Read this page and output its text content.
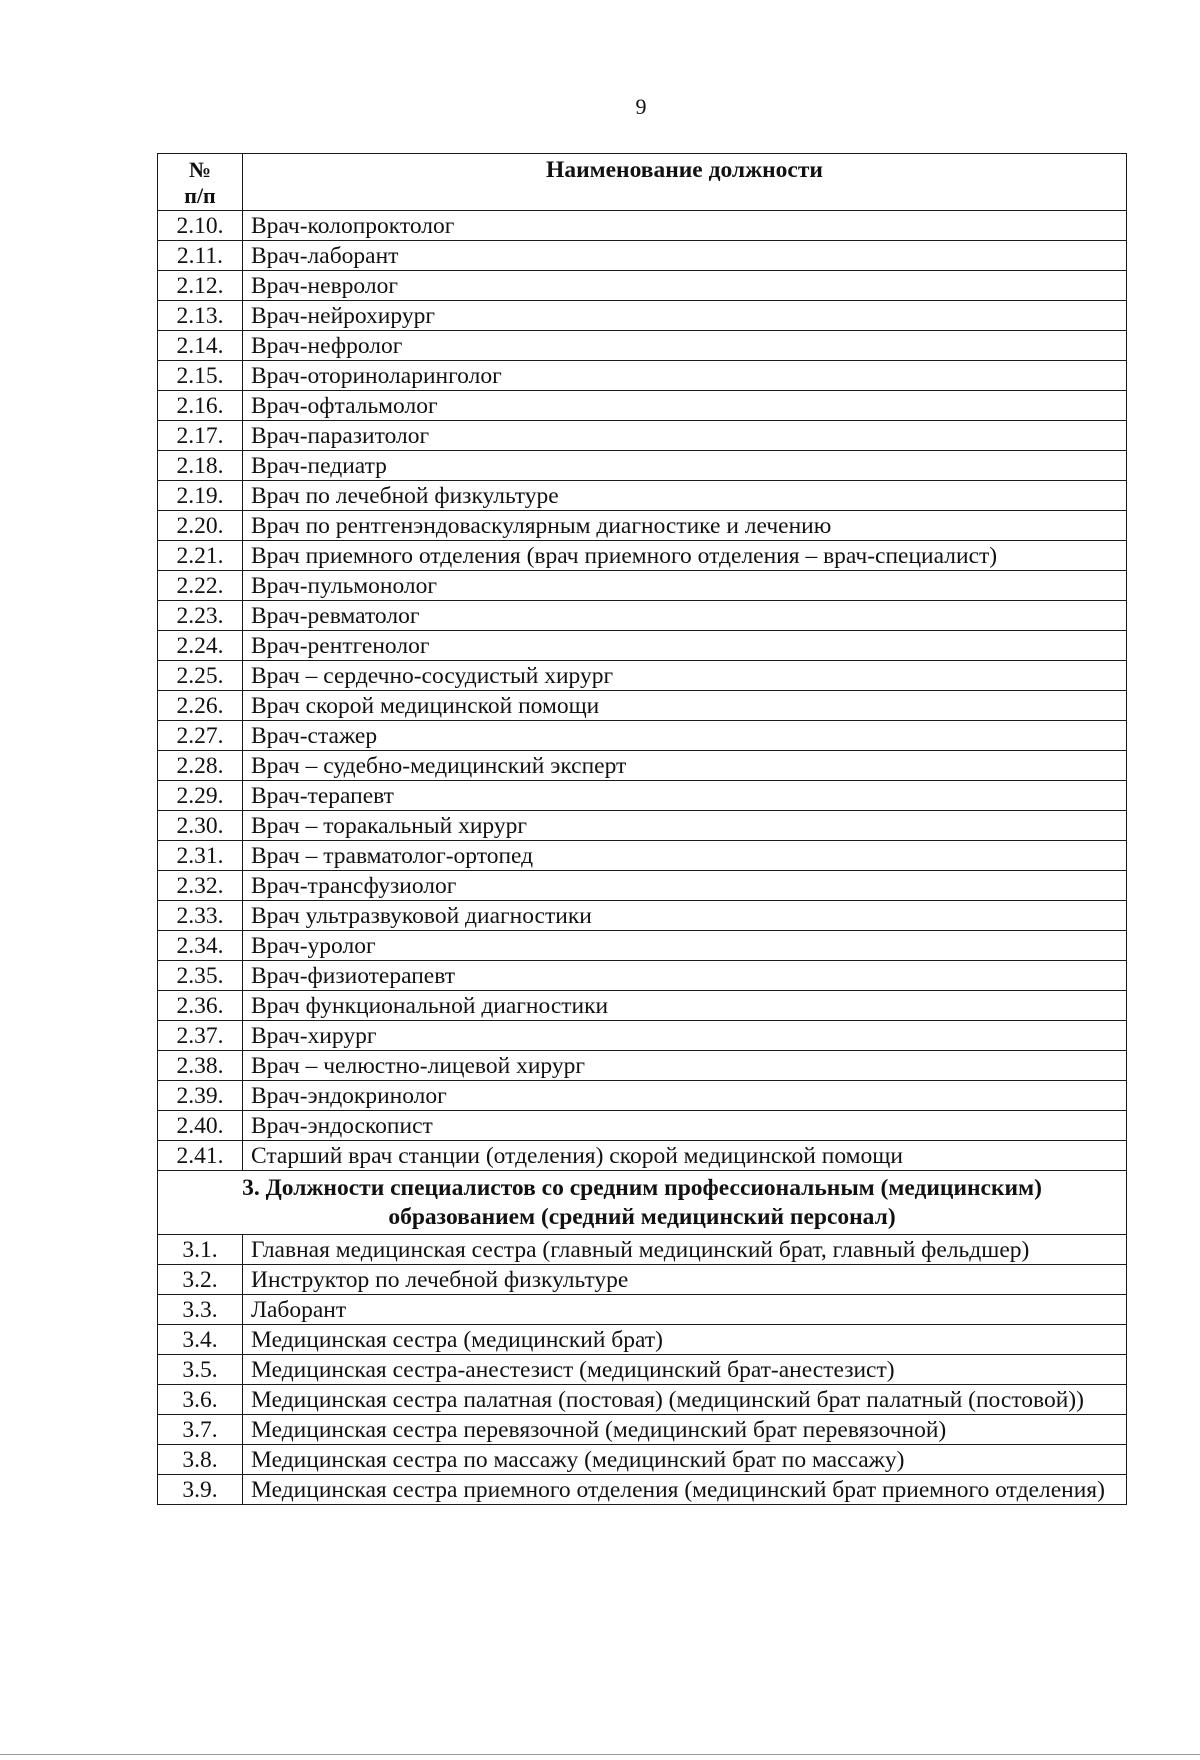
9
№
п/п	Наименование должности
2.10.	Врач-колопроктолог
2.11.	Врач-лаборант
2.12.	Врач-невролог
2.13.	Врач-нейрохирург
2.14.	Врач-нефролог
2.15.	Врач-оториноларинголог
2.16.	Врач-офтальмолог
2.17.	Врач-паразитолог
2.18.	Врач-педиатр
2.19.	Врач по лечебной физкультуре
2.20.	Врач по рентгенэндоваскулярным диагностике и лечению
2.21.	Врач приемного отделения (врач приемного отделения – врач-специалист)
2.22.	Врач-пульмонолог
2.23.	Врач-ревматолог
2.24.	Врач-рентгенолог
2.25.	Врач – сердечно-сосудистый хирург
2.26.	Врач скорой медицинской помощи
2.27.	Врач-стажер
2.28.	Врач – судебно-медицинский эксперт
2.29.	Врач-терапевт
2.30.	Врач – торакальный хирург
2.31.	Врач – травматолог-ортопед
2.32.	Врач-трансфузиолог
2.33.	Врач ультразвуковой диагностики
2.34.	Врач-уролог
2.35.	Врач-физиотерапевт
2.36.	Врач функциональной диагностики
2.37.	Врач-хирург
2.38.	Врач – челюстно-лицевой хирург
2.39.	Врач-эндокринолог
2.40.	Врач-эндоскопист
2.41.	Старший врач станции (отделения) скорой медицинской помощи
3. Должности специалистов со средним профессиональным (медицинским) образованием (средний медицинский персонал)	
3.1.	Главная медицинская сестра (главный медицинский брат, главный фельдшер)
3.2.	Инструктор по лечебной физкультуре
3.3.	Лаборант
3.4.	Медицинская сестра (медицинский брат)
3.5.	Медицинская сестра-анестезист (медицинский брат-анестезист)
3.6.	Медицинская сестра палатная (постовая) (медицинский брат палатный (постовой))
3.7.	Медицинская сестра перевязочной (медицинский брат перевязочной)
3.8.	Медицинская сестра по массажу (медицинский брат по массажу)
3.9.	Медицинская сестра приемного отделения (медицинский брат приемного отделения)
